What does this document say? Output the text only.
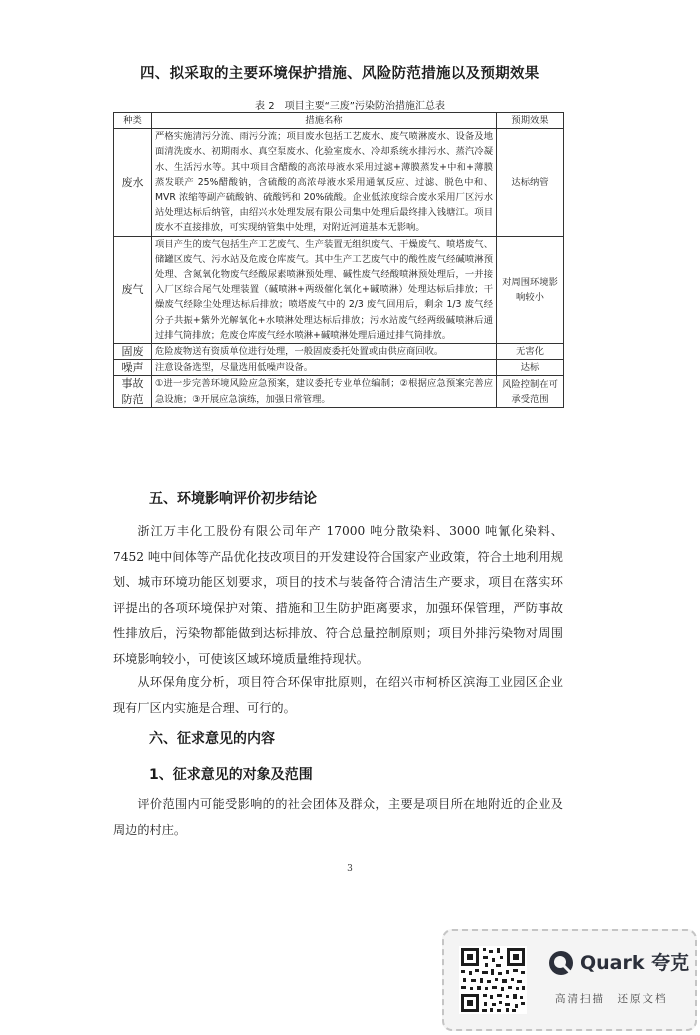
四、拟采取的主要环境保护措施、风险防范措施以及预期效果
表 2　项目主要“三废”污染防治措施汇总表
种类	措施名称	预期效果
废水	严格实施清污分流、雨污分流；项目废水包括工艺废水、废气喷淋废水、设备及地面清洗废水、初期雨水、真空泵废水、化验室废水、冷却系统水排污水、蒸汽冷凝水、生活污水等。其中项目含醋酸的高浓母液水采用过滤+薄膜蒸发+中和+薄膜蒸发联产 25%醋酸钠，含硫酸的高浓母液水采用通氧反应、过滤、脱色中和、MVR 浓缩等副产硫酸钠、硫酸钙和 20%硫酸。企业低浓度综合废水采用厂区污水站处理达标后纳管，由绍兴水处理发展有限公司集中处理后最终排入钱塘江。项目废水不直接排放，可实现纳管集中处理，对附近河道基本无影响。	达标纳管
废气	项目产生的废气包括生产工艺废气、生产装置无组织废气、干燥废气、喷塔废气、储罐区废气、污水站及危废仓库废气。其中生产工艺废气中的酸性废气经碱喷淋预处理、含氮氧化物废气经酸尿素喷淋预处理、碱性废气经酸喷淋预处理后，一并接入厂区综合尾气处理装置（碱喷淋+两级催化氧化+碱喷淋）处理达标后排放；干燥废气经除尘处理达标后排放；喷塔废气中的 2/3 废气回用后，剩余 1/3 废气经分子共振+紫外光解氧化+水喷淋处理达标后排放；污水站废气经两级碱喷淋后通过排气筒排放；危废仓库废气经水喷淋+碱喷淋处理后通过排气筒排放。	对周围环境影响较小
固废	危险废物送有资质单位进行处理，一般固废委托处置或由供应商回收。	无害化
噪声	注意设备选型，尽量选用低噪声设备。	达标
事故防范	①进一步完善环境风险应急预案，建议委托专业单位编制；②根据应急预案完善应急设施；③开展应急演练，加强日常管理。	风险控制在可承受范围
五、环境影响评价初步结论
浙江万丰化工股份有限公司年产 17000 吨分散染料、3000 吨氰化染料、7452 吨中间体等产品优化技改项目的开发建设符合国家产业政策，符合土地利用规划、城市环境功能区划要求，项目的技术与装备符合清洁生产要求，项目在落实环评提出的各项环境保护对策、措施和卫生防护距离要求，加强环保管理，严防事故性排放后，污染物都能做到达标排放、符合总量控制原则；项目外排污染物对周围环境影响较小，可使该区域环境质量维持现状。
从环保角度分析，项目符合环保审批原则，在绍兴市柯桥区滨海工业园区企业现有厂区内实施是合理、可行的。
六、征求意见的内容
1、征求意见的对象及范围
评价范围内可能受影响的的社会团体及群众，主要是项目所在地附近的企业及周边的村庄。
3
Quark 夸克
高清扫描　还原文档
